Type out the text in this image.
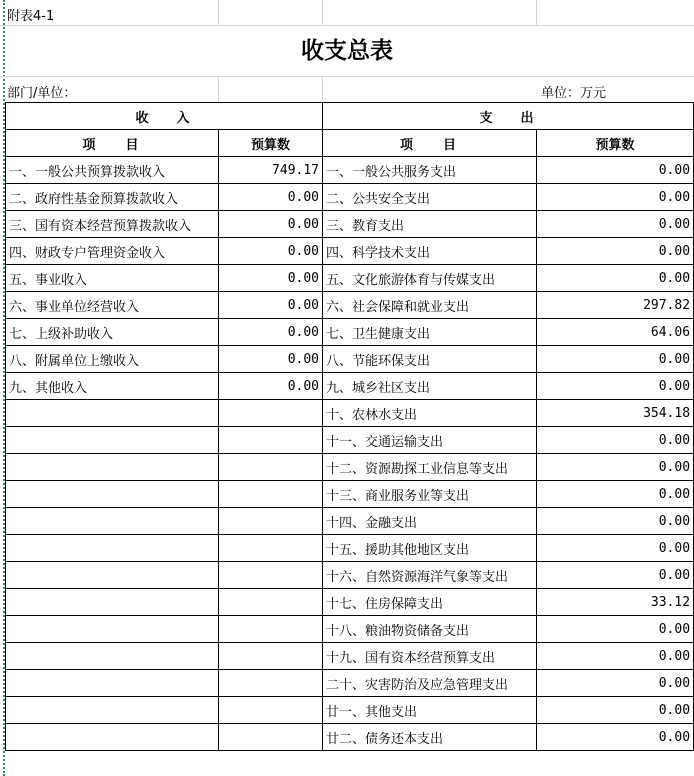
附表4-1
收支总表
部门/单位：	单位：万元
收入		支出	
项目	预算数	项目	预算数
一、一般公共预算拨款收入	749.17	一、一般公共服务支出	0.00
二、政府性基金预算拨款收入	0.00	二、公共安全支出	0.00
三、国有资本经营预算拨款收入	0.00	三、教育支出	0.00
四、财政专户管理资金收入	0.00	四、科学技术支出	0.00
五、事业收入	0.00	五、文化旅游体育与传媒支出	0.00
六、事业单位经营收入	0.00	六、社会保障和就业支出	297.82
七、上级补助收入	0.00	七、卫生健康支出	64.06
八、附属单位上缴收入	0.00	八、节能环保支出	0.00
九、其他收入	0.00	九、城乡社区支出	0.00
		十、农林水支出	354.18
		十一、交通运输支出	0.00
		十二、资源勘探工业信息等支出	0.00
		十三、商业服务业等支出	0.00
		十四、金融支出	0.00
		十五、援助其他地区支出	0.00
		十六、自然资源海洋气象等支出	0.00
		十七、住房保障支出	33.12
		十八、粮油物资储备支出	0.00
		十九、国有资本经营预算支出	0.00
		二十、灾害防治及应急管理支出	0.00
		廿一、其他支出	0.00
		廿二、债务还本支出	0.00
